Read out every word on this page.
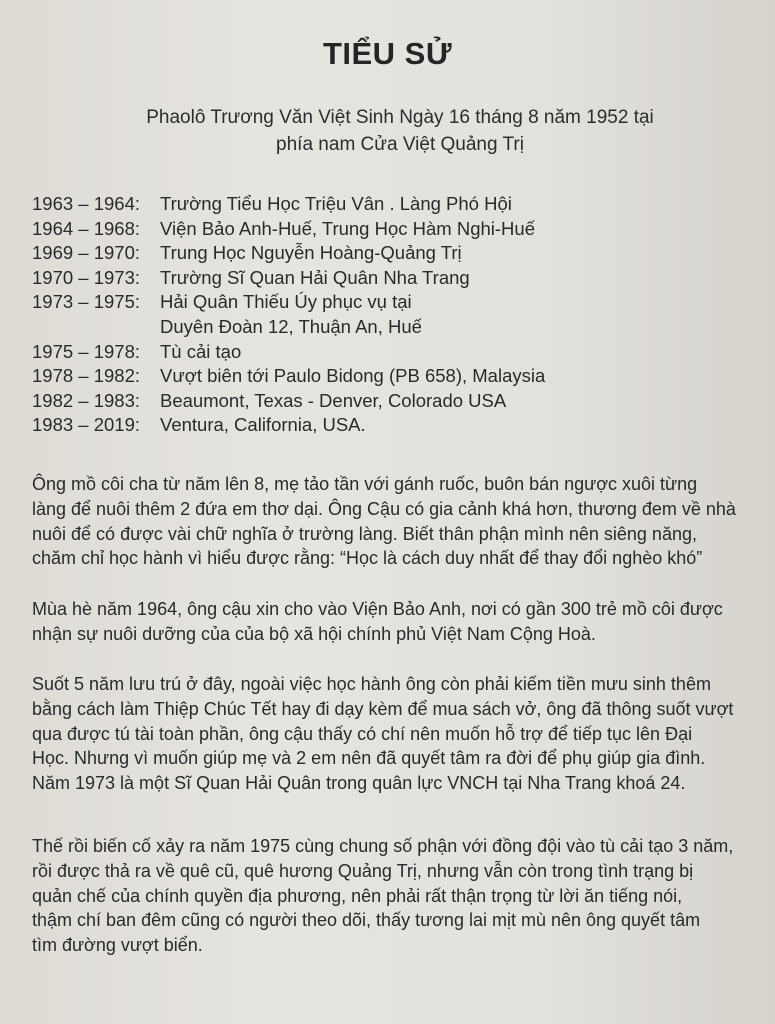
TIỂU SỬ
Phaolô Trương Văn Việt Sinh Ngày 16 tháng 8 năm 1952 tại
phía nam Cửa Việt Quảng Trị
1963 – 1964:	Trường Tiểu Học Triệu Vân . Làng Phó Hội
1964 – 1968:	Viện Bảo Anh-Huế, Trung Học Hàm Nghi-Huế
1969 – 1970:	Trung Học Nguyễn Hoàng-Quảng Trị
1970 – 1973:	Trường Sĩ Quan Hải Quân Nha Trang
1973 – 1975:	Hải Quân Thiếu Úy phục vụ tại
Duyên Đoàn 12, Thuận An, Huế
1975 – 1978:	Tù cải tạo
1978 – 1982:	Vượt biên tới Paulo Bidong (PB 658), Malaysia
1982 – 1983:	Beaumont, Texas - Denver, Colorado USA
1983 – 2019:	Ventura, California, USA.

Ông mồ côi cha từ năm lên 8, mẹ tảo tần với gánh ruốc, buôn bán ngược xuôi từng
làng để nuôi thêm 2 đứa em thơ dại. Ông Cậu có gia cảnh khá hơn, thương đem về nhà
nuôi để có được vài chữ nghĩa ở trường làng. Biết thân phận mình nên siêng năng,
chăm chỉ học hành vì hiểu được rằng: “Học là cách duy nhất để thay đổi nghèo khó”

Mùa hè năm 1964, ông cậu xin cho vào Viện Bảo Anh, nơi có gần 300 trẻ mồ côi được
nhận sự nuôi dưỡng của của bộ xã hội chính phủ Việt Nam Cộng Hoà.

Suốt 5 năm lưu trú ở đây, ngoài việc học hành ông còn phải kiếm tiền mưu sinh thêm
bằng cách làm Thiệp Chúc Tết hay đi dạy kèm để mua sách vở, ông đã thông suốt vượt
qua được tú tài toàn phần, ông cậu thấy có chí nên muốn hỗ trợ để tiếp tục lên Đại
Học. Nhưng vì muốn giúp mẹ và 2 em nên đã quyết tâm ra đời để phụ giúp gia đình.
Năm 1973 là một Sĩ Quan Hải Quân trong quân lực VNCH tại Nha Trang khoá 24.

Thế rồi biến cố xảy ra năm 1975 cùng chung số phận với đồng đội vào tù cải tạo 3 năm,
rồi được thả ra về quê cũ, quê hương Quảng Trị, nhưng vẫn còn trong tình trạng bị
quản chế của chính quyền địa phương, nên phải rất thận trọng từ lời ăn tiếng nói,
thậm chí ban đêm cũng có người theo dõi, thấy tương lai mịt mù nên ông quyết tâm
tìm đường vượt biển.
